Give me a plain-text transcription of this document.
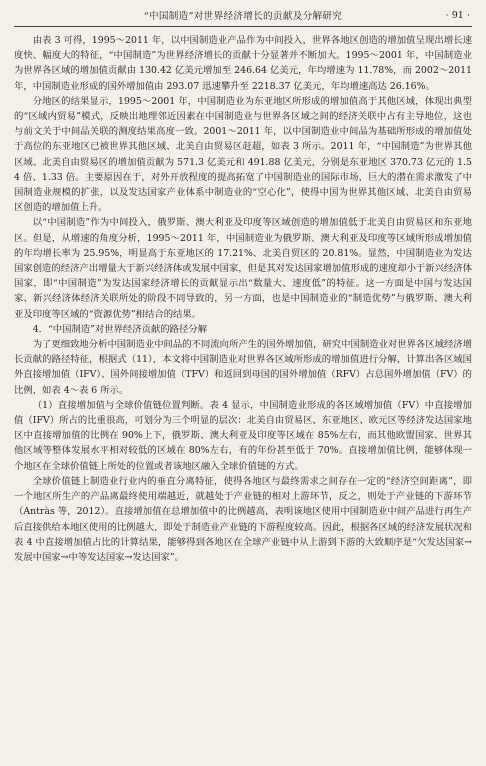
“中国制造”对世界经济增长的贡献及分解研究	· 91 ·

由表 3 可得，1995～2011 年，以中国制造业产品作为中间投入，世界各地区创造的增加值呈现出增长速度快、幅度大的特征，“中国制造”为世界经济增长的贡献十分显著并不断加大。1995～2001 年，中国制造业为世界各区域的增加值贡献由 130.42 亿美元增加至 246.64 亿美元，年均增速为 11.78%，而 2002～2011 年，中国制造业形成的国外增加值由 293.07 迅速攀升至 2218.37 亿美元，年均增速高达 26.16%。

分地区的结果显示，1995～2001 年，中国制造业为东亚地区所形成的增加值高于其他区域，体现出典型的“区域内贸易”模式，反映出地理邻近因素在中国制造业与世界各区域之间的经济关联中占有主导地位，这也与前文关于中间品关联的测度结果高度一致。2001～2011 年，以中国制造业中间品为基础所形成的增加值处于高位的东亚地区已被世界其他区域、北美自由贸易区赶超，如表 3 所示。2011 年，“中国制造”为世界其他区域、北美自由贸易区的增加值贡献为 571.3 亿美元和 491.88 亿美元，分别是东亚地区 370.73 亿元的 1.54 倍、1.33 倍。主要原因在于，对外开放程度的提高拓宽了中国制造业的国际市场，巨大的潜在需求激发了中国制造业规模的扩张，以及发达国家产业体系中制造业的“空心化”，使得中国为世界其他区域、北美自由贸易区创造的增加值上升。

以“中国制造”作为中间投入，俄罗斯、澳大利亚及印度等区域创造的增加值低于北美自由贸易区和东亚地区。但是，从增速的角度分析，1995～2011 年，中国制造业为俄罗斯、澳大利亚及印度等区域所形成增加值的年均增长率为 25.95%，明显高于东亚地区的 17.21%、北美自贸区的 20.81%。显然，中国制造业为发达国家创造的经济产出增量大于新兴经济体或发展中国家，但是其对发达国家增加值形成的速度却小于新兴经济体国家，即“中国制造”为发达国家经济增长的贡献显示出“数量大、速度低”的特征。这一方面是中国与发达国家、新兴经济体经济关联所处的阶段不同导致的，另一方面，也是中国制造业的“制造优势”与俄罗斯、澳大利亚及印度等区域的“资源优势”相结合的结果。

4．“中国制造”对世界经济贡献的路径分解

为了更细致地分析中国制造业中间品的不同流向所产生的国外增加值，研究中国制造业对世界各区域经济增长贡献的路径特征，根据式（11），本文将中国制造业对世界各区域所形成的增加值进行分解，计算出各区域国外直接增加值（IFV）、国外间接增加值（TFV）和返回到母国的国外增加值（RFV）占总国外增加值（FV）的比例，如表 4～表 6 所示。

（1）直接增加值与全球价值链位置判断。表 4 显示，中国制造业形成的各区域增加值（FV）中直接增加值（IFV）所占的比重很高，可划分为三个明显的层次：北美自由贸易区、东亚地区、欧元区等经济发达国家地区中直接增加值的比例在 90%上下，俄罗斯、澳大利亚及印度等区域在 85%左右，而其他欧盟国家、世界其他区域等整体发展水平相对较低的区域在 80%左右，有的年份甚至低于 70%。直接增加值比例，能够体现一个地区在全球价值链上所处的位置或者该地区融入全球价值链的方式。

全球价值链上制造业行业内的垂直分离特征，使得各地区与最终需求之间存在一定的“经济空间距离”，即一个地区所生产的产品离最终使用端越近，就越处于产业链的相对上游环节，反之，则处于产业链的下游环节（Antràs 等，2012）。直接增加值在总增加值中的比例越高，表明该地区使用中国制造业中间产品进行再生产后直接供给本地区使用的比例越大，即处于制造业产业链的下游程度较高。因此，根据各区域的经济发展状况和表 4 中直接增加值占比的计算结果，能够得到各地区在全球产业链中从上游到下游的大致顺序是“欠发达国家→发展中国家→中等发达国家→发达国家”。
